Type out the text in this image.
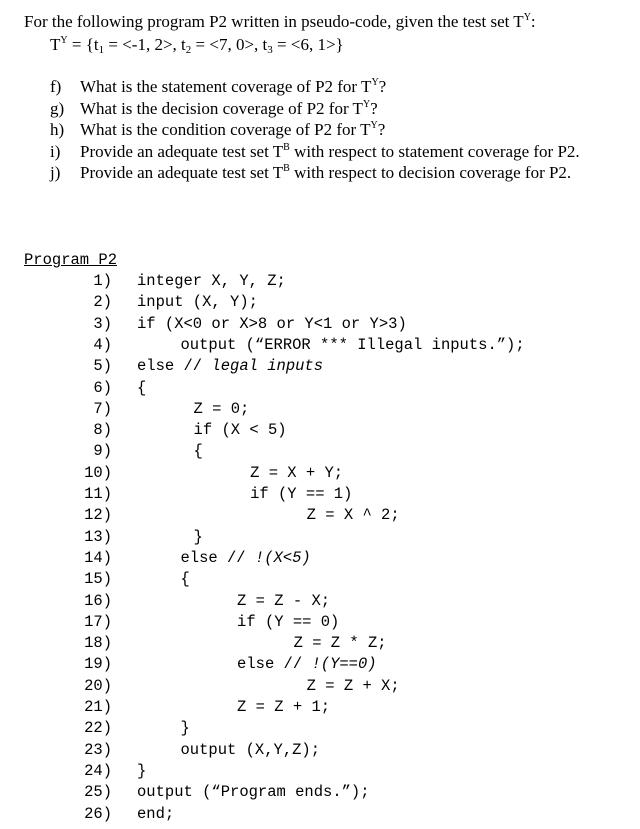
For the following program P2 written in pseudo-code, given the test set $T^Y$:
$T^Y = \{t_1 = <-1$, 2>, $t_2 = <7$, 0>, $t_3 = <6$, 1>}
f) What is the statement coverage of P2 for $T^Y$?
g) What is the decision coverage of P2 for $T^Y$?
h) What is the condition coverage of P2 for $T^Y$?
i) Provide an adequate test set $T^B$ with respect to statement coverage for P2.
j) Provide an adequate test set $T^B$ with respect to decision coverage for P2.
Program P2
1) integer X, Y, Z;
2) input (X, Y);
3) if (X<0 or X>8 or Y<1 or Y>3)
4)	output (“ERROR *** Illegal inputs.”);
5) else // legal inputs
6) {
7)	Z = 0;
8)	if (X < 5)
9)	{
10)	Z = X + Y;
11)	if (Y == 1)
12)	Z = X ^ 2;
13)	}
14)	else // !(X<5)
15)	{
16)	Z = Z - X;
17)	if (Y == 0)
18)	Z = Z * Z;
19)	else // !(Y==0)
20)	Z = Z + X;
21)	Z = Z + 1;
22)	}
23)	output (X,Y,Z);
24) }
25) output (“Program ends.”);
26) end;
